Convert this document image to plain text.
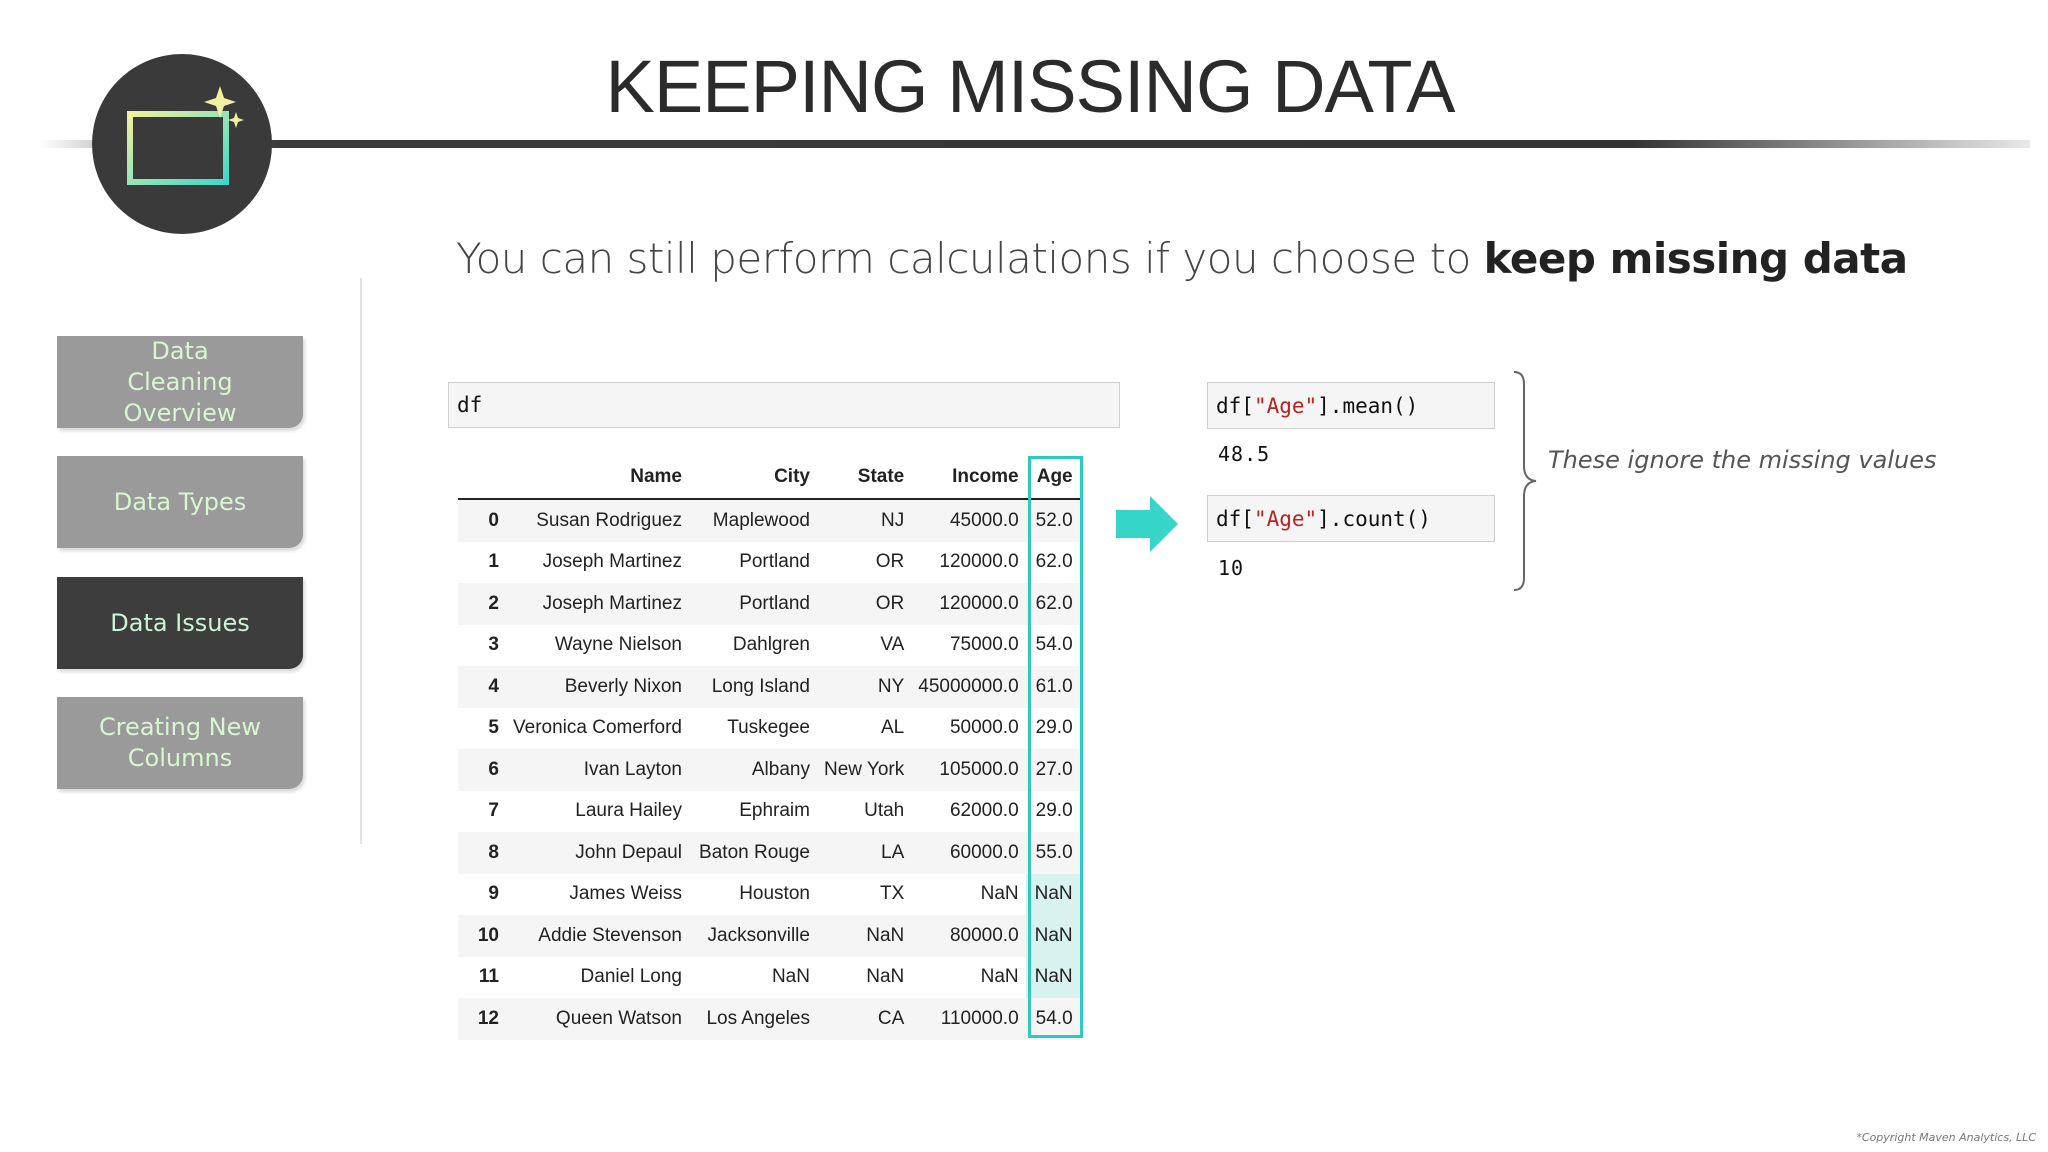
KEEPING MISSING DATA
You can still perform calculations if you choose to keep missing data
Data Cleaning Overview
Data Types
Data Issues
Creating New Columns
df
	Name	City	State	Income	Age
0	Susan Rodriguez	Maplewood	NJ	45000.0	52.0
1	Joseph Martinez	Portland	OR	120000.0	62.0
2	Joseph Martinez	Portland	OR	120000.0	62.0
3	Wayne Nielson	Dahlgren	VA	75000.0	54.0
4	Beverly Nixon	Long Island	NY	45000000.0	61.0
5	Veronica Comerford	Tuskegee	AL	50000.0	29.0
6	Ivan Layton	Albany	New York	105000.0	27.0
7	Laura Hailey	Ephraim	Utah	62000.0	29.0
8	John Depaul	Baton Rouge	LA	60000.0	55.0
9	James Weiss	Houston	TX	NaN	NaN
10	Addie Stevenson	Jacksonville	NaN	80000.0	NaN
11	Daniel Long	NaN	NaN	NaN	NaN
12	Queen Watson	Los Angeles	CA	110000.0	54.0
df[ "Age" ].mean()
48.5
df[ "Age" ].count()
10
These ignore the missing values
*Copyright Maven Analytics, LLC
